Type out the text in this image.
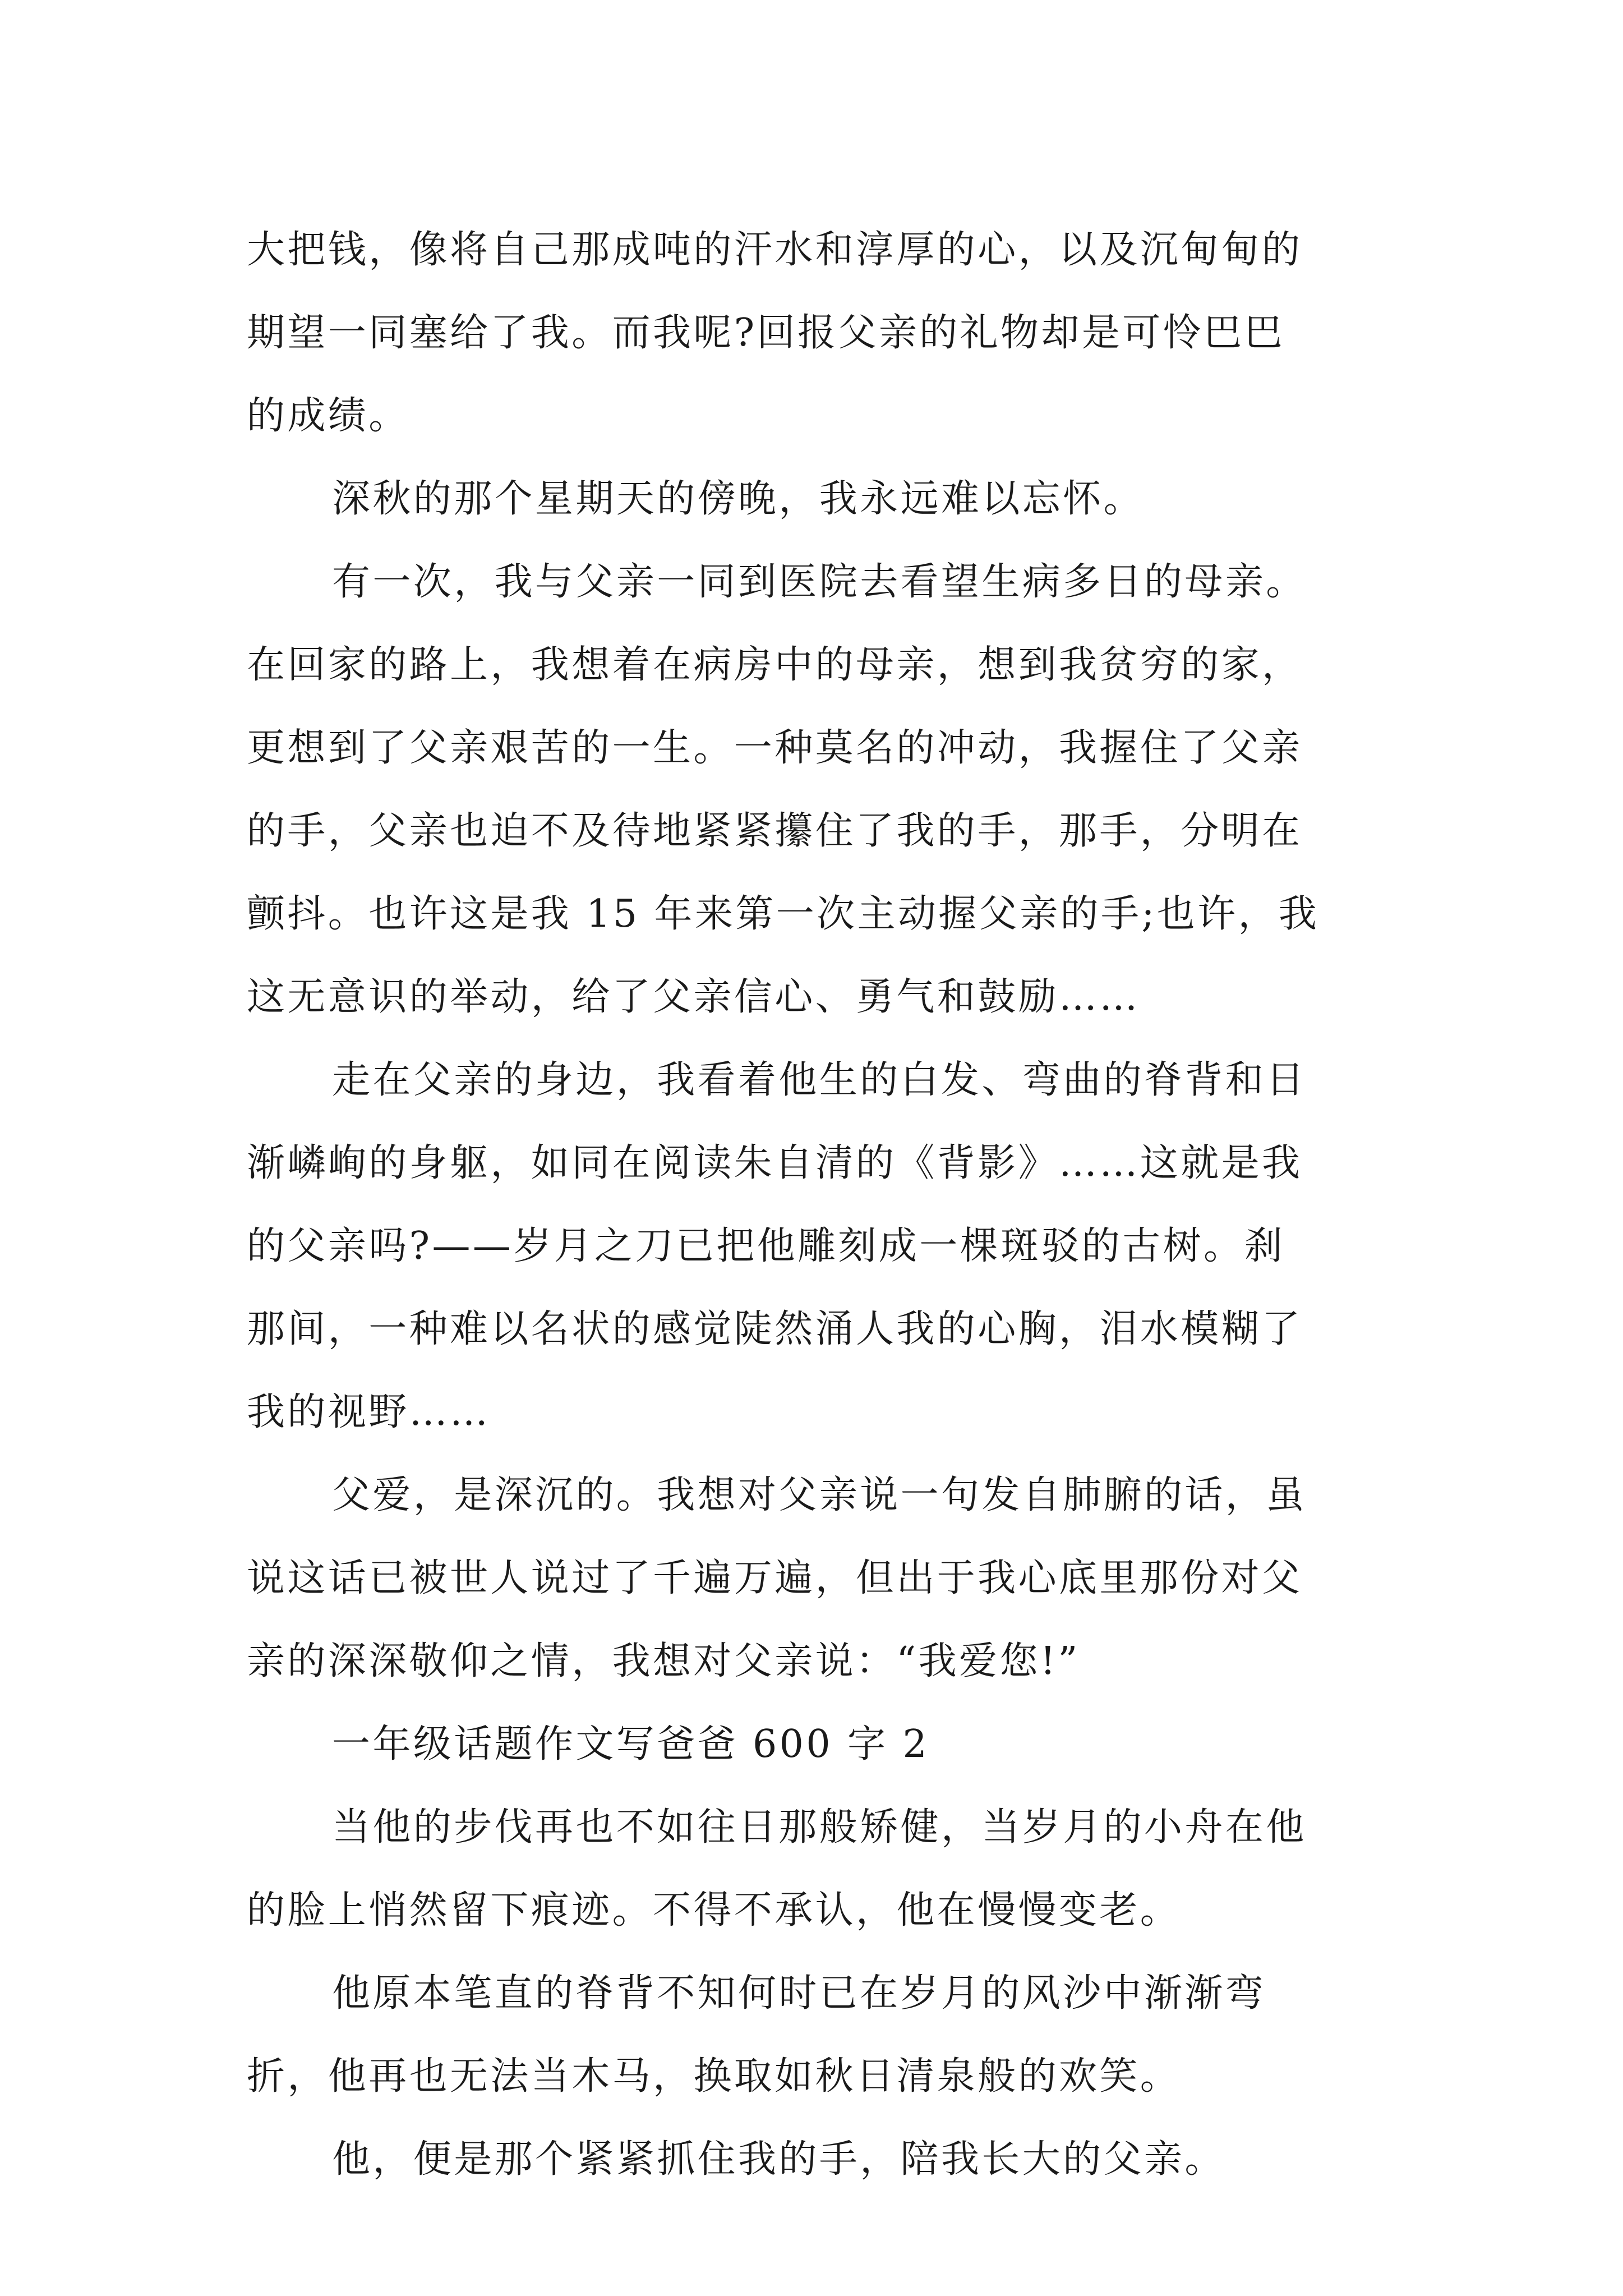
大把钱，像将自己那成吨的汗水和淳厚的心，以及沉甸甸的
期望一同塞给了我。而我呢?回报父亲的礼物却是可怜巴巴
的成绩。
深秋的那个星期天的傍晚，我永远难以忘怀。
有一次，我与父亲一同到医院去看望生病多日的母亲。
在回家的路上，我想着在病房中的母亲，想到我贫穷的家，
更想到了父亲艰苦的一生。一种莫名的冲动，我握住了父亲
的手，父亲也迫不及待地紧紧攥住了我的手，那手，分明在
颤抖。也许这是我 15 年来第一次主动握父亲的手;也许，我
这无意识的举动，给了父亲信心、勇气和鼓励……
走在父亲的身边，我看着他生的白发、弯曲的脊背和日
渐嶙峋的身躯，如同在阅读朱自清的《背影》……这就是我
的父亲吗?——岁月之刀已把他雕刻成一棵斑驳的古树。刹
那间，一种难以名状的感觉陡然涌人我的心胸，泪水模糊了
我的视野……
父爱，是深沉的。我想对父亲说一句发自肺腑的话，虽
说这话已被世人说过了千遍万遍，但出于我心底里那份对父
亲的深深敬仰之情，我想对父亲说：“我爱您!”
一年级话题作文写爸爸 600 字 2
当他的步伐再也不如往日那般矫健，当岁月的小舟在他
的脸上悄然留下痕迹。不得不承认，他在慢慢变老。
他原本笔直的脊背不知何时已在岁月的风沙中渐渐弯
折，他再也无法当木马，换取如秋日清泉般的欢笑。
他，便是那个紧紧抓住我的手，陪我长大的父亲。
